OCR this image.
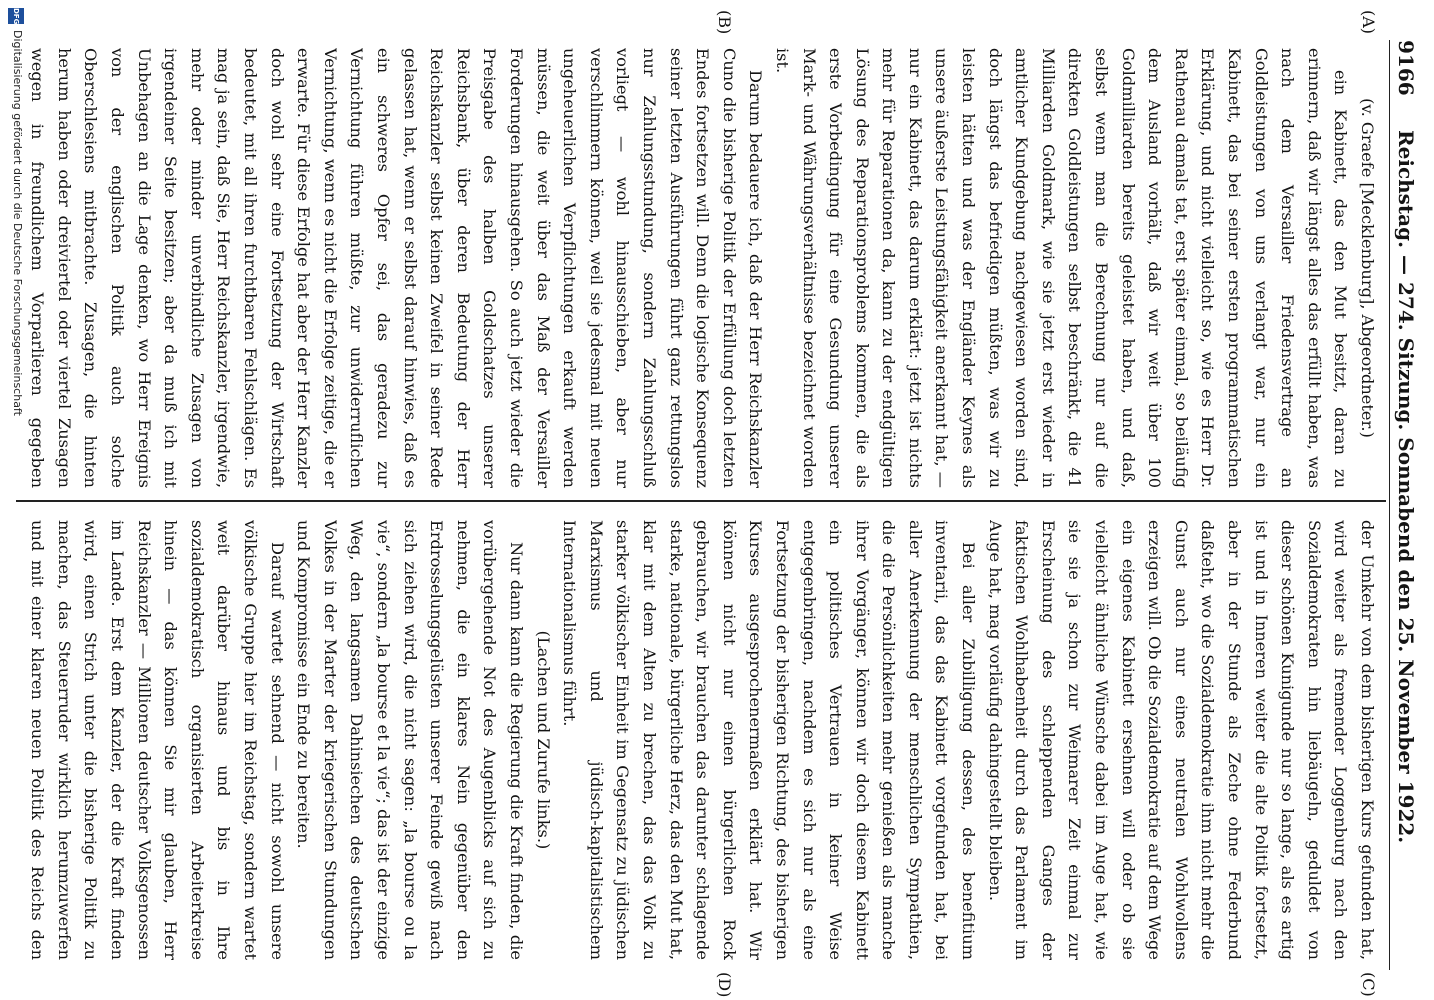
9166
Reichstag. — 274. Sitzung. Sonnabend den 25. November 1922.
(A)
(B)
(C)
(D)

(v. Graefe [Mecklenburg], Abgeordneter.)

ein Kabinett, das den Mut besitzt, daran zu erinnern, daß wir längst alles das erfüllt haben, was nach dem Versailler Friedensvertrage an Goldleistungen von uns verlangt war, nur ein Kabinett, das bei seiner ersten programmatischen Erklärung, und nicht vielleicht so, wie es Herr Dr. Rathenau damals tat, erst später einmal, so beiläufig dem Ausland vorhält, daß wir weit über 100 Goldmilliarden bereits geleistet haben, und daß, selbst wenn man die Berechnung nur auf die direkten Goldleistungen selbst beschränkt, die 41 Milliarden Goldmark, wie sie jetzt erst wieder in amtlicher Kundgebung nachgewiesen worden sind, doch längst das befriedigen müßten, was wir zu leisten hätten und was der Engländer Keynes als unsere äußerste Leistungsfähigkeit anerkannt hat, — nur ein Kabinett, das darum erklärt: jetzt ist nichts mehr für Reparationen da, kann zu der endgültigen Lösung des Reparationsproblems kommen, die als erste Vorbedingung für eine Gesundung unserer Mark- und Währungsverhältnisse bezeichnet worden ist.

Darum bedauere ich, daß der Herr Reichskanzler Cuno die bisherige Politik der Erfüllung doch letzten Endes fortsetzen will. Denn die logische Konsequenz seiner letzten Ausführungen führt ganz rettungslos nur Zahlungsstundung, sondern Zahlungsschluß vorliegt — wohl hinausschieben, aber nur verschlimmern können, weil sie jedesmal mit neuen ungeheuerlichen Verpflichtungen erkauft werden müssen, die weit über das Maß der Versailler Forderungen hinausgehen. So auch jetzt wieder die Preisgabe des halben Goldschatzes unserer Reichsbank, über deren Bedeutung der Herr Reichskanzler selbst keinen Zweifel in seiner Rede gelassen hat, wenn er selbst darauf hinwies, daß es ein schweres Opfer sei, das geradezu zur Vernichtung führen müßte, zur unwiderruflichen Vernichtung, wenn es nicht die Erfolge zeitige, die er erwarte. Für diese Erfolge hat aber der Herr Kanzler doch wohl sehr eine Fortsetzung der Wirtschaft bedeutet, mit all ihren furchtbaren Fehlschlägen. Es mag ja sein, daß Sie, Herr Reichskanzler, irgendwie, mehr oder minder unverbindliche Zusagen von irgendeiner Seite besitzen; aber da muß ich mit Unbehagen an die Lage denken, wo Herr Ereignis von der englischen Politik auch solche Oberschlesiens mitbrachte. Zusagen, die hinten herum haben oder dreiviertel oder viertel Zusagen wegen in freundlichem Vorparlieren gegeben

der Umkehr von dem bisherigen Kurs gefunden hat, wird weiter als fremender Loggenburg nach den Sozialdemokraten hin liebäugeln, geduldet von dieser schönen Kunigunde nur so lange, als es artig ist und in Inneren weiter die alte Politik fortsetzt, aber in der Stunde als Zeche ohne Federbund daßteht, wo die Sozialdemokratie ihm nicht mehr die Gunst auch nur eines neutralen Wohlwollens erzeigen will. Ob die Sozialdemokratie auf dem Wege ein eigenes Kabinett ersehnen will oder ob sie vielleicht ähnliche Wünsche dabei im Auge hat, wie sie sie ja schon zur Weimarer Zeit einmal zur Erscheinung des schleppenden Ganges der faktischen Wohlhabenheit durch das Parlament im Auge hat, mag vorläufig dahingestellt bleiben.

Bei aller Zubilligung dessen, des benefitium inventarii, das das Kabinett vorgefunden hat, bei aller Anerkennung der menschlichen Sympathien, die die Persönlichkeiten mehr genießen als manche ihrer Vorgänger, können wir doch diesem Kabinett ein politisches Vertrauen in keiner Weise entgegenbringen, nachdem es sich nur als eine Fortsetzung der bisherigen Richtung, des bisherigen Kurses ausgesprochenermaßen erklärt hat. Wir können nicht nur einen bürgerlichen Rock gebrauchen, wir brauchen das darunter schlagende starke, nationale, bürgerliche Herz, das den Mut hat, klar mit dem Alten zu brechen, das das Volk zu starker völkischer Einheit im Gegensatz zu jüdischen Marxismus und jüdisch-kapitalistischem Internationalismus führt.

(Lachen und Zurufe links.)

Nur dann kann die Regierung die Kraft finden, die vorübergehende Not des Augenblicks auf sich zu nehmen, die ein klares Nein gegenüber den Erdrosselungsgelüsten unserer Feinde gewiß nach sich ziehen wird, die nicht sagen: „la bourse ou la vie“, sondern „la bourse et la vie“; das ist der einzige Weg, den langsamen Dahinsiechen des deutschen Volkes in der Marter der kriegerischen Stundungen und Kompromisse ein Ende zu bereiten.

Darauf wartet sehnend — nicht sowohl unsere völkische Gruppe hier im Reichstag, sondern wartet weit darüber hinaus und bis in Ihre sozialdemokratisch organisierten Arbeiterkreise hinein — das können Sie mir glauben, Herr Reichskanzler — Millionen deutscher Volksgenossen im Lande. Erst dem Kanzler, der die Kraft finden wird, einen Strich unter die bisherige Politik zu machen, das Steuerruder wirklich herumzuwerfen und mit einer klaren neuen Politik des Reichs den

DFG
Digitalisierung gefördert durch die Deutsche Forschungsgemeinschaft
